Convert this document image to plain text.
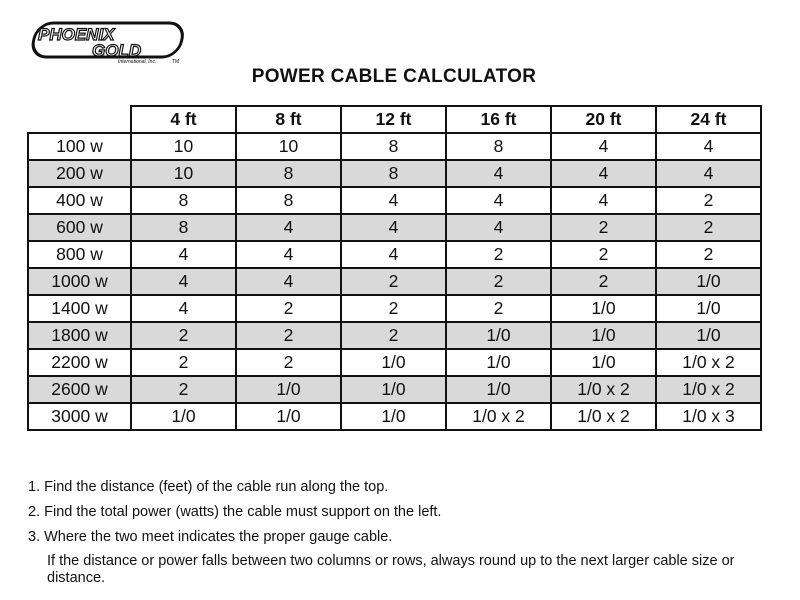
PHOENIX
GOLD
International, Inc.	TM
POWER CABLE CALCULATOR
	4 ft	8 ft	12 ft	16 ft	20 ft	24 ft
100 w	10	10	8	8	4	4
200 w	10	8	8	4	4	4
400 w	8	8	4	4	4	2
600 w	8	4	4	4	2	2
800 w	4	4	4	2	2	2
1000 w	4	4	2	2	2	1/0
1400 w	4	2	2	2	1/0	1/0
1800 w	2	2	2	1/0	1/0	1/0
2200 w	2	2	1/0	1/0	1/0	1/0 x 2
2600 w	2	1/0	1/0	1/0	1/0 x 2	1/0 x 2
3000 w	1/0	1/0	1/0	1/0 x 2	1/0 x 2	1/0 x 3
1. Find the distance (feet) of the cable run along the top.
2. Find the total power (watts) the cable must support on the left.
3. Where the two meet indicates the proper gauge cable.
If the distance or power falls between two columns or rows, always round up to the next larger cable size or distance.
